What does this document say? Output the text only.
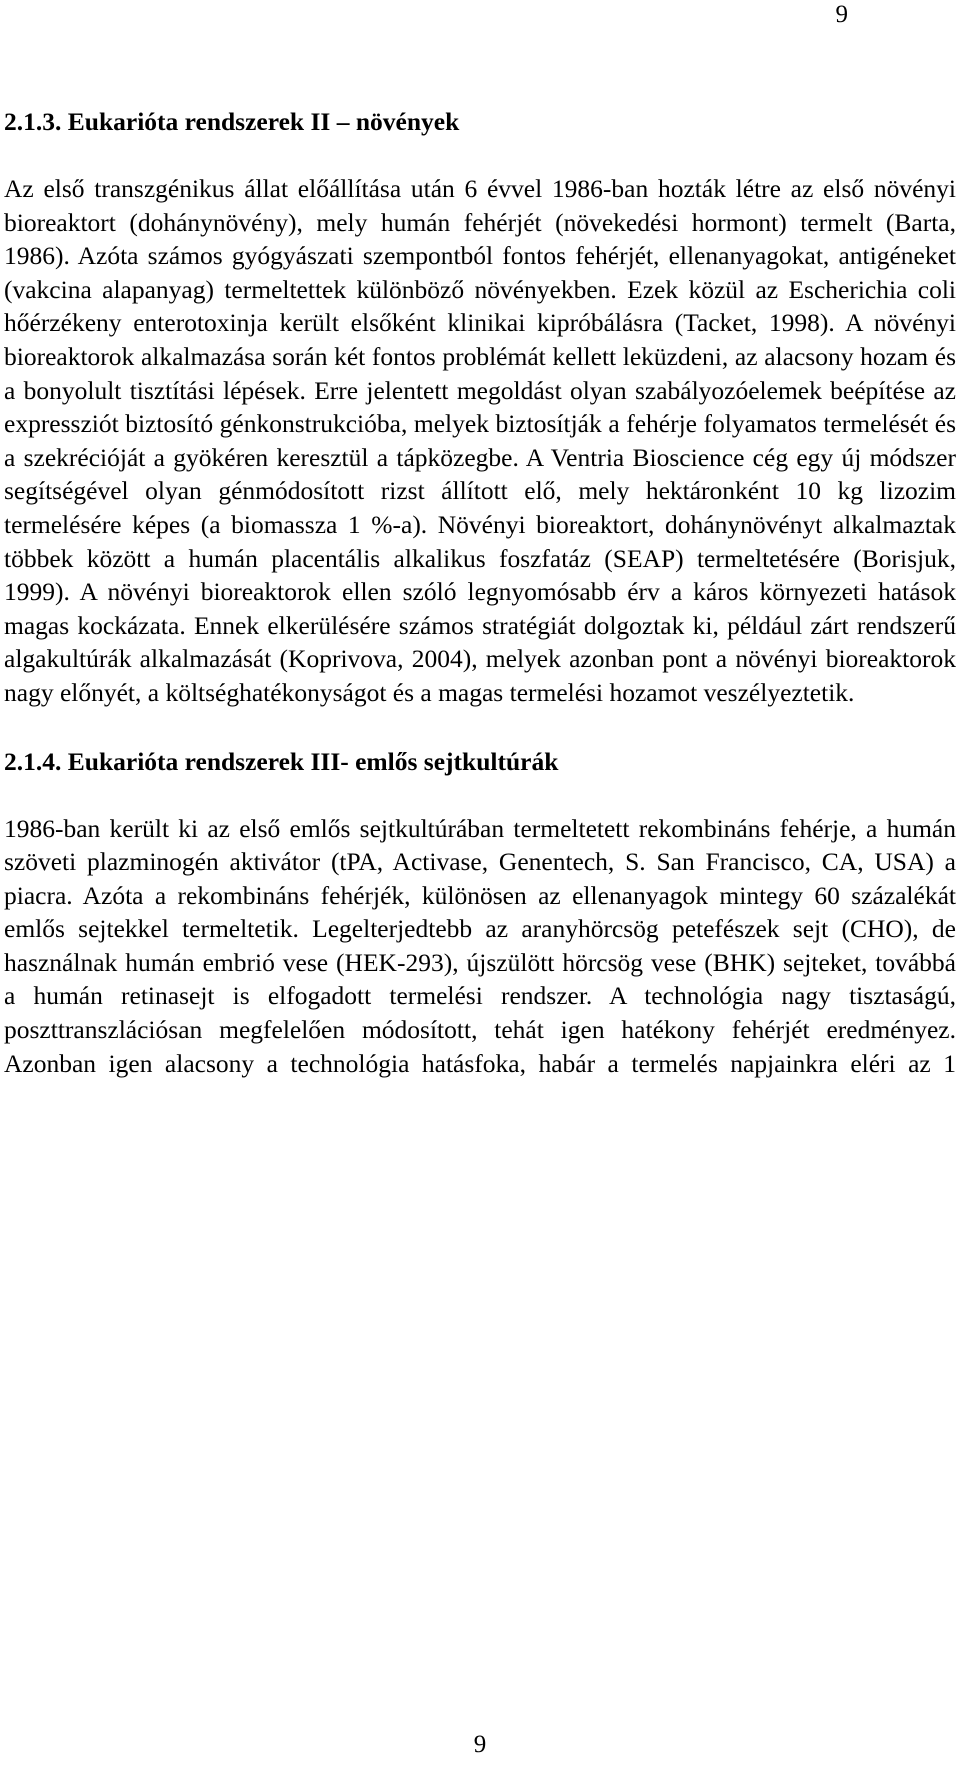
9
2.1.3. Eukarióta rendszerek II – növények

Az első transzgénikus állat előállítása után 6 évvel 1986-ban hozták létre az első növényi bioreaktort (dohánynövény), mely humán fehérjét (növekedési hormont) termelt (Barta, 1986). Azóta számos gyógyászati szempontból fontos fehérjét, ellenanyagokat, antigéneket (vakcina alapanyag) termeltettek különböző növényekben. Ezek közül az Escherichia coli hőérzékeny enterotoxinja került elsőként klinikai kipróbálásra (Tacket, 1998). A növényi bioreaktorok alkalmazása során két fontos problémát kellett leküzdeni, az alacsony hozam és a bonyolult tisztítási lépések. Erre jelentett megoldást olyan szabályozóelemek beépítése az expressziót biztosító génkonstrukcióba, melyek biztosítják a fehérje folyamatos termelését és a szekrécióját a gyökéren keresztül a tápközegbe. A Ventria Bioscience cég egy új módszer segítségével olyan génmódosított rizst állított elő, mely hektáronként 10 kg lizozim termelésére képes (a biomassza 1 %-a). Növényi bioreaktort, dohánynövényt alkalmaztak többek között a humán placentális alkalikus foszfatáz (SEAP) termeltetésére (Borisjuk, 1999). A növényi bioreaktorok ellen szóló legnyomósabb érv a káros környezeti hatások magas kockázata. Ennek elkerülésére számos stratégiát dolgoztak ki, például zárt rendszerű algakultúrák alkalmazását (Koprivova, 2004), melyek azonban pont a növényi bioreaktorok nagy előnyét, a költséghatékonyságot és a magas termelési hozamot veszélyeztetik.

2.1.4. Eukarióta rendszerek III- emlős sejtkultúrák

1986-ban került ki az első emlős sejtkultúrában termeltetett rekombináns fehérje, a humán szöveti plazminogén aktivátor (tPA, Activase, Genentech, S. San Francisco, CA, USA) a piacra. Azóta a rekombináns fehérjék, különösen az ellenanyagok mintegy 60 százalékát emlős sejtekkel termeltetik. Legelterjedtebb az aranyhörcsög petefészek sejt (CHO), de használnak humán embrió vese (HEK-293), újszülött hörcsög vese (BHK) sejteket, továbbá a humán retinasejt is elfogadott termelési rendszer. A technológia nagy tisztaságú, poszttranszlációsan megfelelően módosított, tehát igen hatékony fehérjét eredményez. Azonban igen alacsony a technológia hatásfoka, habár a termelés napjainkra eléri az 1

9
